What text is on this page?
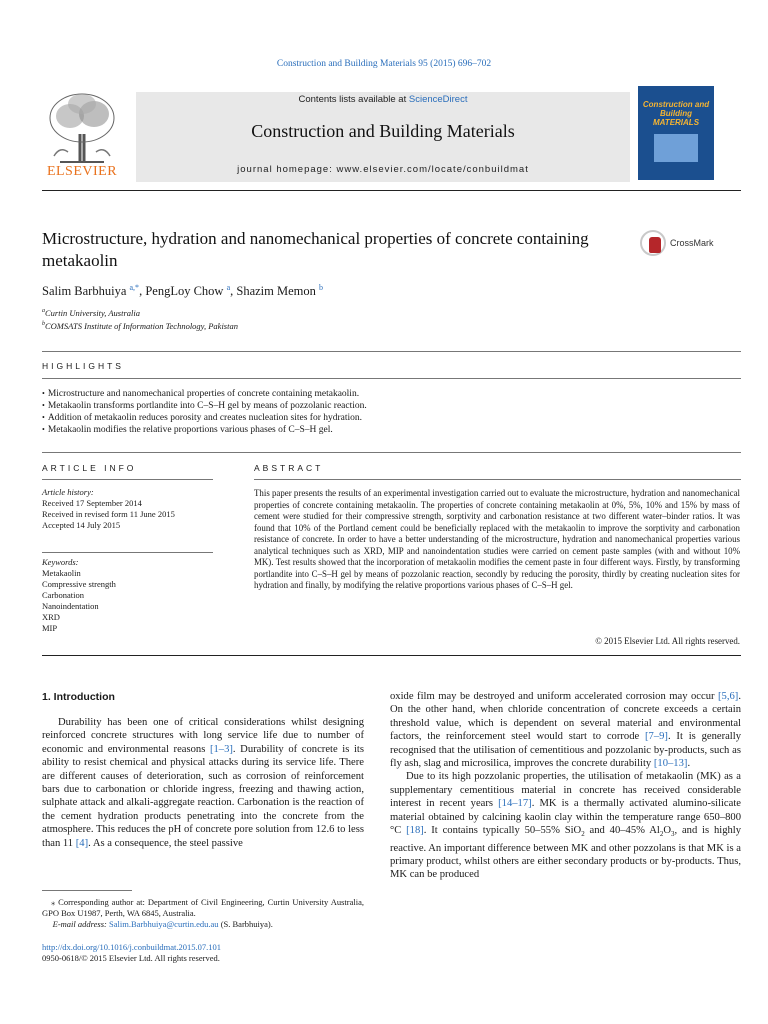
Construction and Building Materials 95 (2015) 696–702
ELSEVIER
Contents lists available at ScienceDirect
Construction and Building Materials
journal homepage: www.elsevier.com/locate/conbuildmat
Construction and Building MATERIALS
Microstructure, hydration and nanomechanical properties of concrete containing metakaolin
CrossMark
Salim Barbhuiya $^{a,*}$, PengLoy Chow $^a$, Shazim Memon $^b$
$^a$Curtin University, Australia
$^b$COMSATS Institute of Information Technology, Pakistan
HIGHLIGHTS
• Microstructure and nanomechanical properties of concrete containing metakaolin.
• Metakaolin transforms portlandite into C–S–H gel by means of pozzolanic reaction.
• Addition of metakaolin reduces porosity and creates nucleation sites for hydration.
• Metakaolin modifies the relative proportions various phases of C–S–H gel.
ARTICLE INFO	ABSTRACT
Article history:
Received 17 September 2014
Received in revised form 11 June 2015
Accepted 14 July 2015
Keywords:
Metakaolin
Compressive strength
Carbonation
Nanoindentation
XRD
MIP
This paper presents the results of an experimental investigation carried out to evaluate the microstructure, hydration and nanomechanical properties of concrete containing metakaolin. The properties of concrete containing metakaolin at 0%, 5%, 10% and 15% by mass of cement were studied for their compressive strength, sorptivity and carbonation resistance at two different water–binder ratios. It was found that 10% of the Portland cement could be beneficially replaced with the metakaolin to improve the sorptivity and carbonation resistance of concrete. In order to have a better understanding of the microstructure, hydration and nanomechanical properties various analytical techniques such as XRD, MIP and nanoindentation studies were carried on cement paste samples (with and without 10% MK). Test results showed that the incorporation of metakaolin modifies the cement paste in four different ways. Firstly, by transforming portlandite into C–S–H gel by means of pozzolanic reaction, secondly by reducing the porosity, thirdly by creating nucleation sites for hydration and finally, by modifying the relative proportions various phases of C–S–H gel.
© 2015 Elsevier Ltd. All rights reserved.
1. Introduction

Durability has been one of critical considerations whilst designing reinforced concrete structures with long service life due to number of economic and environmental reasons [1–3]. Durability of concrete is its ability to resist chemical and physical attacks during its service life. There are different causes of deterioration, such as corrosion of reinforcement bars due to carbonation or chloride ingress, freezing and thawing action, sulphate attack and alkali-aggregate reaction. Carbonation is the reaction of the cement hydration products penetrating into the concrete from the atmosphere. This reduces the pH of concrete pore solution from 12.6 to less than 11 [4]. As a consequence, the steel passive

oxide film may be destroyed and uniform accelerated corrosion may occur [5,6]. On the other hand, when chloride concentration of concrete exceeds a certain threshold value, which is dependent on several material and environmental factors, the reinforcement steel would start to corrode [7–9]. It is generally recognised that the utilisation of cementitious and pozzolanic by-products, such as fly ash, slag and microsilica, improves the concrete durability [10–13].

Due to its high pozzolanic properties, the utilisation of metakaolin (MK) as a supplementary cementitious material in concrete has received considerable interest in recent years [14–17]. MK is a thermally activated alumino-silicate material obtained by calcining kaolin clay within the temperature range 650–800 °C [18]. It contains typically 50–55% SiO$_2$ and 40–45% $Al_2O_3$, and is highly reactive. An important difference between MK and other pozzolans is that MK is a primary product, whilst others are either secondary products or by-products. Thus, MK can be produced

⁎ Corresponding author at: Department of Civil Engineering, Curtin University Australia, GPO Box U1987, Perth, WA 6845, Australia.
E-mail address: Salim.Barbhuiya@curtin.edu.au (S. Barbhuiya).
http://dx.doi.org/10.1016/j.conbuildmat.2015.07.101
0950-0618/© 2015 Elsevier Ltd. All rights reserved.
